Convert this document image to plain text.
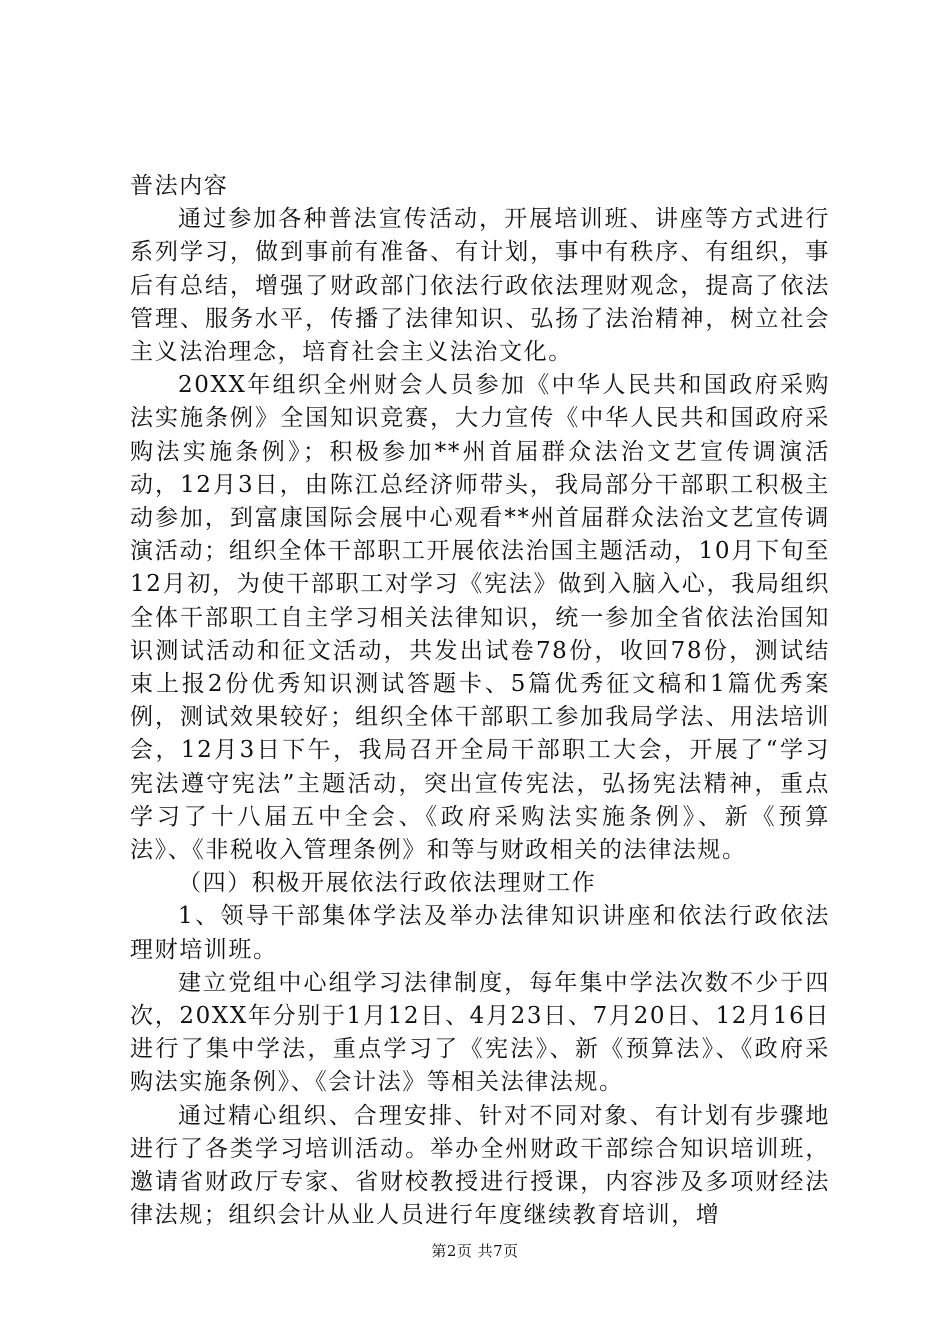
普法内容

通过参加各种普法宣传活动，开展培训班、讲座等方式进行系列学习，做到事前有准备、有计划，事中有秩序、有组织，事后有总结，增强了财政部门依法行政依法理财观念，提高了依法管理、服务水平，传播了法律知识、弘扬了法治精神，树立社会主义法治理念，培育社会主义法治文化。

20XX年组织全州财会人员参加《中华人民共和国政府采购法实施条例》全国知识竞赛，大力宣传《中华人民共和国政府采购法实施条例》；积极参加**州首届群众法治文艺宣传调演活动，12月3日，由陈江总经济师带头，我局部分干部职工积极主动参加，到富康国际会展中心观看**州首届群众法治文艺宣传调演活动；组织全体干部职工开展依法治国主题活动，10月下旬至12月初，为使干部职工对学习《宪法》做到入脑入心，我局组织全体干部职工自主学习相关法律知识，统一参加全省依法治国知识测试活动和征文活动，共发出试卷78份，收回78份，测试结束上报2份优秀知识测试答题卡、5篇优秀征文稿和1篇优秀案例，测试效果较好；组织全体干部职工参加我局学法、用法培训会，12月3日下午，我局召开全局干部职工大会，开展了“学习宪法遵守宪法”主题活动，突出宣传宪法，弘扬宪法精神，重点学习了十八届五中全会、《政府采购法实施条例》、新《预算法》、《非税收入管理条例》和等与财政相关的法律法规。

（四）积极开展依法行政依法理财工作

1、领导干部集体学法及举办法律知识讲座和依法行政依法理财培训班。

建立党组中心组学习法律制度，每年集中学法次数不少于四次，20XX年分别于1月12日、4月23日、7月20日、12月16日进行了集中学法，重点学习了《宪法》、新《预算法》、《政府采购法实施条例》、《会计法》等相关法律法规。

通过精心组织、合理安排、针对不同对象、有计划有步骤地进行了各类学习培训活动。举办全州财政干部综合知识培训班，邀请省财政厅专家、省财校教授进行授课，内容涉及多项财经法律法规；组织会计从业人员进行年度继续教育培训，增

第2页 共7页
